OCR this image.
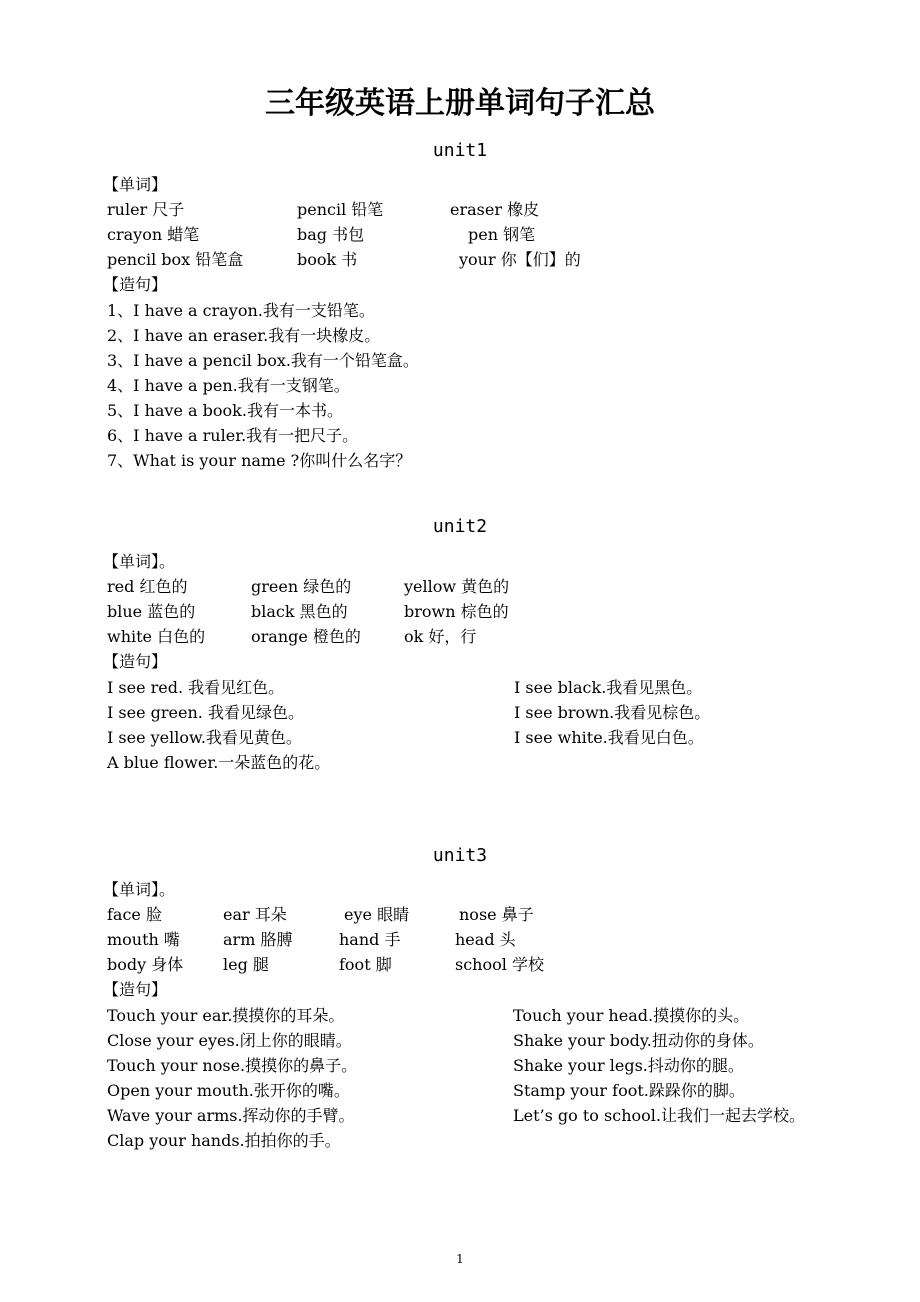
三年级英语上册单词句子汇总
unit1
【单词】
ruler 尺子	pencil 铅笔	eraser 橡皮
crayon 蜡笔	bag 书包	pen 钢笔
pencil box 铅笔盒	book 书	your 你【们】的
【造句】
1、I have a crayon.我有一支铅笔。
2、I have an eraser.我有一块橡皮。
3、I have a pencil box.我有一个铅笔盒。
4、I have a pen.我有一支钢笔。
5、I have a book.我有一本书。
6、I have a ruler.我有一把尺子。
7、What is your name ?你叫什么名字？
unit2
【单词】。
red 红色的	green 绿色的	yellow 黄色的
blue 蓝色的	black 黑色的	brown 棕色的
white 白色的	orange 橙色的	ok 好，行
【造句】
I see red. 我看见红色。
I see green. 我看见绿色。
I see yellow.我看见黄色。
A blue flower.一朵蓝色的花。
I see black.我看见黑色。
I see brown.我看见棕色。
I see white.我看见白色。
unit3
【单词】。
face 脸	ear 耳朵	eye 眼睛	nose 鼻子
mouth 嘴	arm 胳膊	hand 手	head 头
body 身体 leg 腿	foot 脚	school 学校
【造句】
Touch your ear.摸摸你的耳朵。
Close your eyes.闭上你的眼睛。
Touch your nose.摸摸你的鼻子。
Open your mouth.张开你的嘴。
Wave your arms.挥动你的手臂。
Clap your hands.拍拍你的手。
Touch your head.摸摸你的头。
Shake your body.扭动你的身体。
Shake your legs.抖动你的腿。
Stamp your foot.跺跺你的脚。
Let’s go to school.让我们一起去学校。
1
